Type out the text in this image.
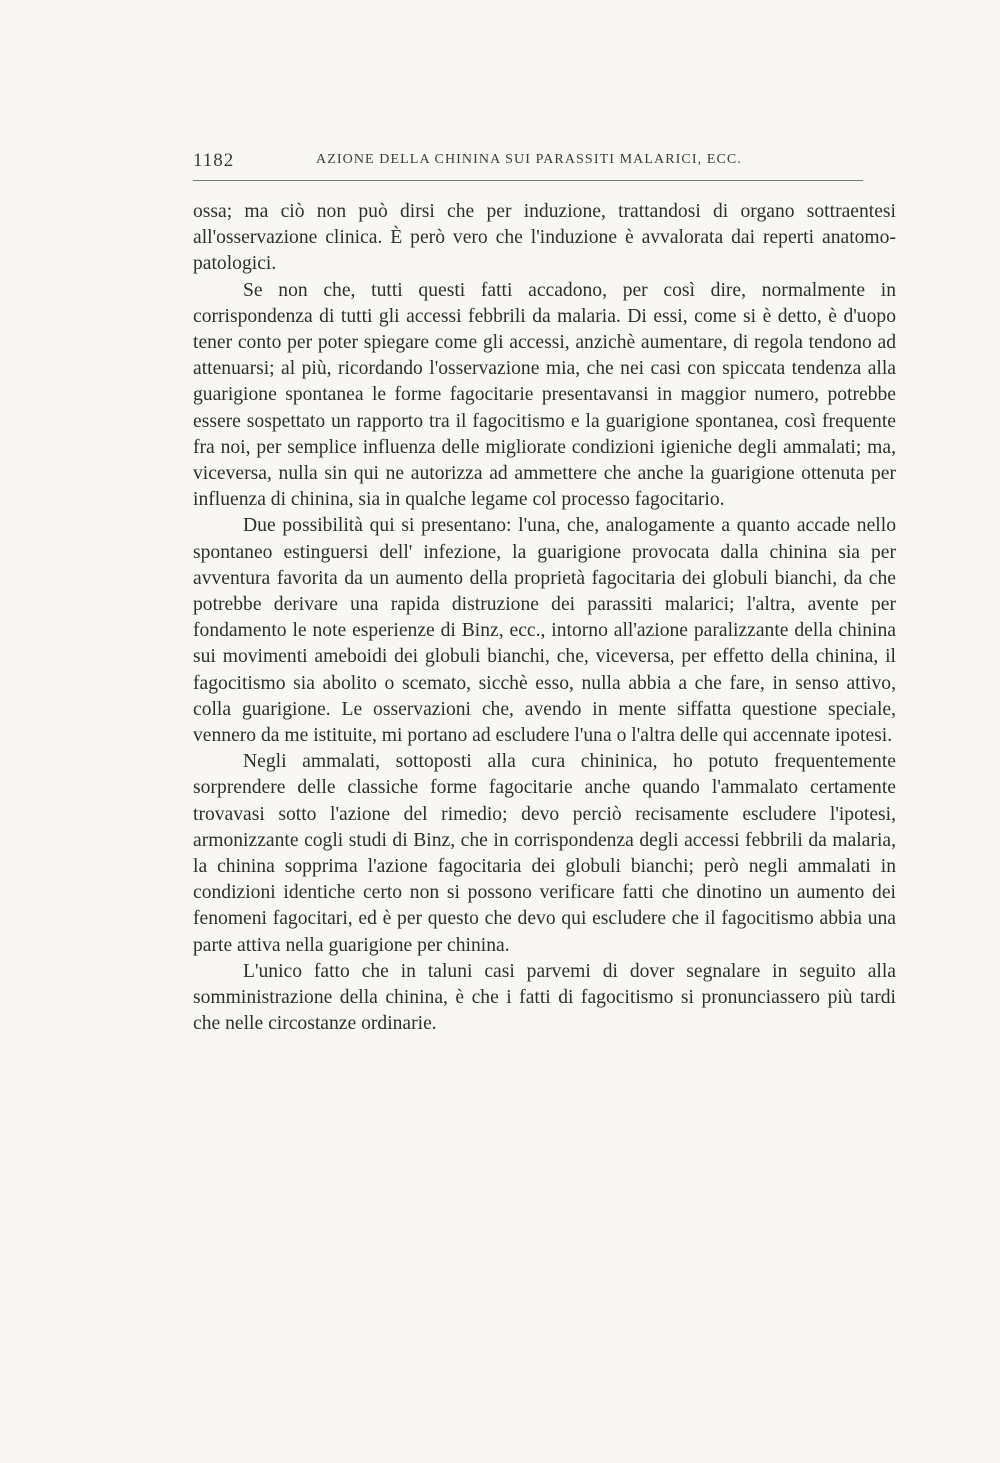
1182	AZIONE DELLA CHININA SUI PARASSITI MALARICI, ECC.

ossa; ma ciò non può dirsi che per induzione, trattandosi di organo sottraentesi all'osservazione clinica. È però vero che l'induzione è avvalorata dai reperti anatomo-patologici.

Se non che, tutti questi fatti accadono, per così dire, normalmente in corrispondenza di tutti gli accessi febbrili da malaria. Di essi, come si è detto, è d'uopo tener conto per poter spiegare come gli accessi, anzichè aumentare, di regola tendono ad attenuarsi; al più, ricordando l'osservazione mia, che nei casi con spiccata tendenza alla guarigione spontanea le forme fagocitarie presentavansi in maggior numero, potrebbe essere sospettato un rapporto tra il fagocitismo e la guarigione spontanea, così frequente fra noi, per semplice influenza delle migliorate condizioni igieniche degli ammalati; ma, viceversa, nulla sin qui ne autorizza ad ammettere che anche la guarigione ottenuta per influenza di chinina, sia in qualche legame col processo fagocitario.

Due possibilità qui si presentano: l'una, che, analogamente a quanto accade nello spontaneo estinguersi dell' infezione, la guarigione provocata dalla chinina sia per avventura favorita da un aumento della proprietà fagocitaria dei globuli bianchi, da che potrebbe derivare una rapida distruzione dei parassiti malarici; l'altra, avente per fondamento le note esperienze di Binz, ecc., intorno all'azione paralizzante della chinina sui movimenti ameboidi dei globuli bianchi, che, viceversa, per effetto della chinina, il fagocitismo sia abolito o scemato, sicchè esso, nulla abbia a che fare, in senso attivo, colla guarigione. Le osservazioni che, avendo in mente siffatta questione speciale, vennero da me istituite, mi portano ad escludere l'una o l'altra delle qui accennate ipotesi.

Negli ammalati, sottoposti alla cura chininica, ho potuto frequentemente sorprendere delle classiche forme fagocitarie anche quando l'ammalato certamente trovavasi sotto l'azione del rimedio; devo perciò recisamente escludere l'ipotesi, armonizzante cogli studi di Binz, che in corrispondenza degli accessi febbrili da malaria, la chinina sopprima l'azione fagocitaria dei globuli bianchi; però negli ammalati in condizioni identiche certo non si possono verificare fatti che dinotino un aumento dei fenomeni fagocitari, ed è per questo che devo qui escludere che il fagocitismo abbia una parte attiva nella guarigione per chinina.

L'unico fatto che in taluni casi parvemi di dover segnalare in seguito alla somministrazione della chinina, è che i fatti di fagocitismo si pronunciassero più tardi che nelle circostanze ordinarie.
